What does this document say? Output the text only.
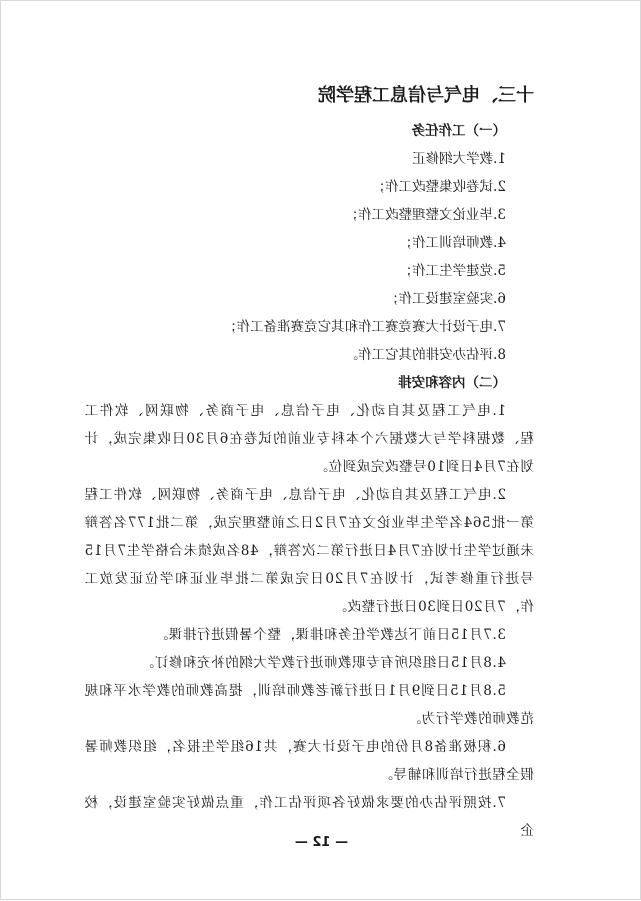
十三、电气与信息工程学院
（一）工作任务
1.教学大纲修正
2.试卷收集整改工作；
3.毕业论文整理整改工作；
4.教师培训工作；
5.党建学生工作；
6.实验室建设工作；
7.电子设计大赛竞赛工作和其它竞赛准备工作；
8.评估办安排的其它工作。
（二）内容和安排

1.电气工程及其自动化、电子信息、电子商务、物联网、软件工程、数据科学与大数据六个本科专业前的试卷在6月30日收集完成，计划在7月4日到10号整改完成到位。

2.电气工程及其自动化、电子信息、电子商务、物联网、软件工程第一批564名学生毕业论文在7月2日之前整理完成，第二批177名答辩未通过学生计划在7月4日进行第二次答辩，48名成绩未合格学生7月15号进行重修考试，计划在7月20日完成第二批毕业证和学位证发放工作，7月20日到30日进行整改。

3.7月15日前下达教学任务和排课，整个暑假进行排课。

4.8月15日组织所有专职教师进行教学大纲的补充和修订。

5.8月15日到9月1日进行新老教师培训，提高教师的教学水平和规范教师的教学行为。

6.积极准备8月份的电子设计大赛，共16组学生报名，组织教师暑假全程进行培训和辅导。

7.按照评估办的要求做好各项评估工作，重点做好实验室建设，校企

— 12 —
